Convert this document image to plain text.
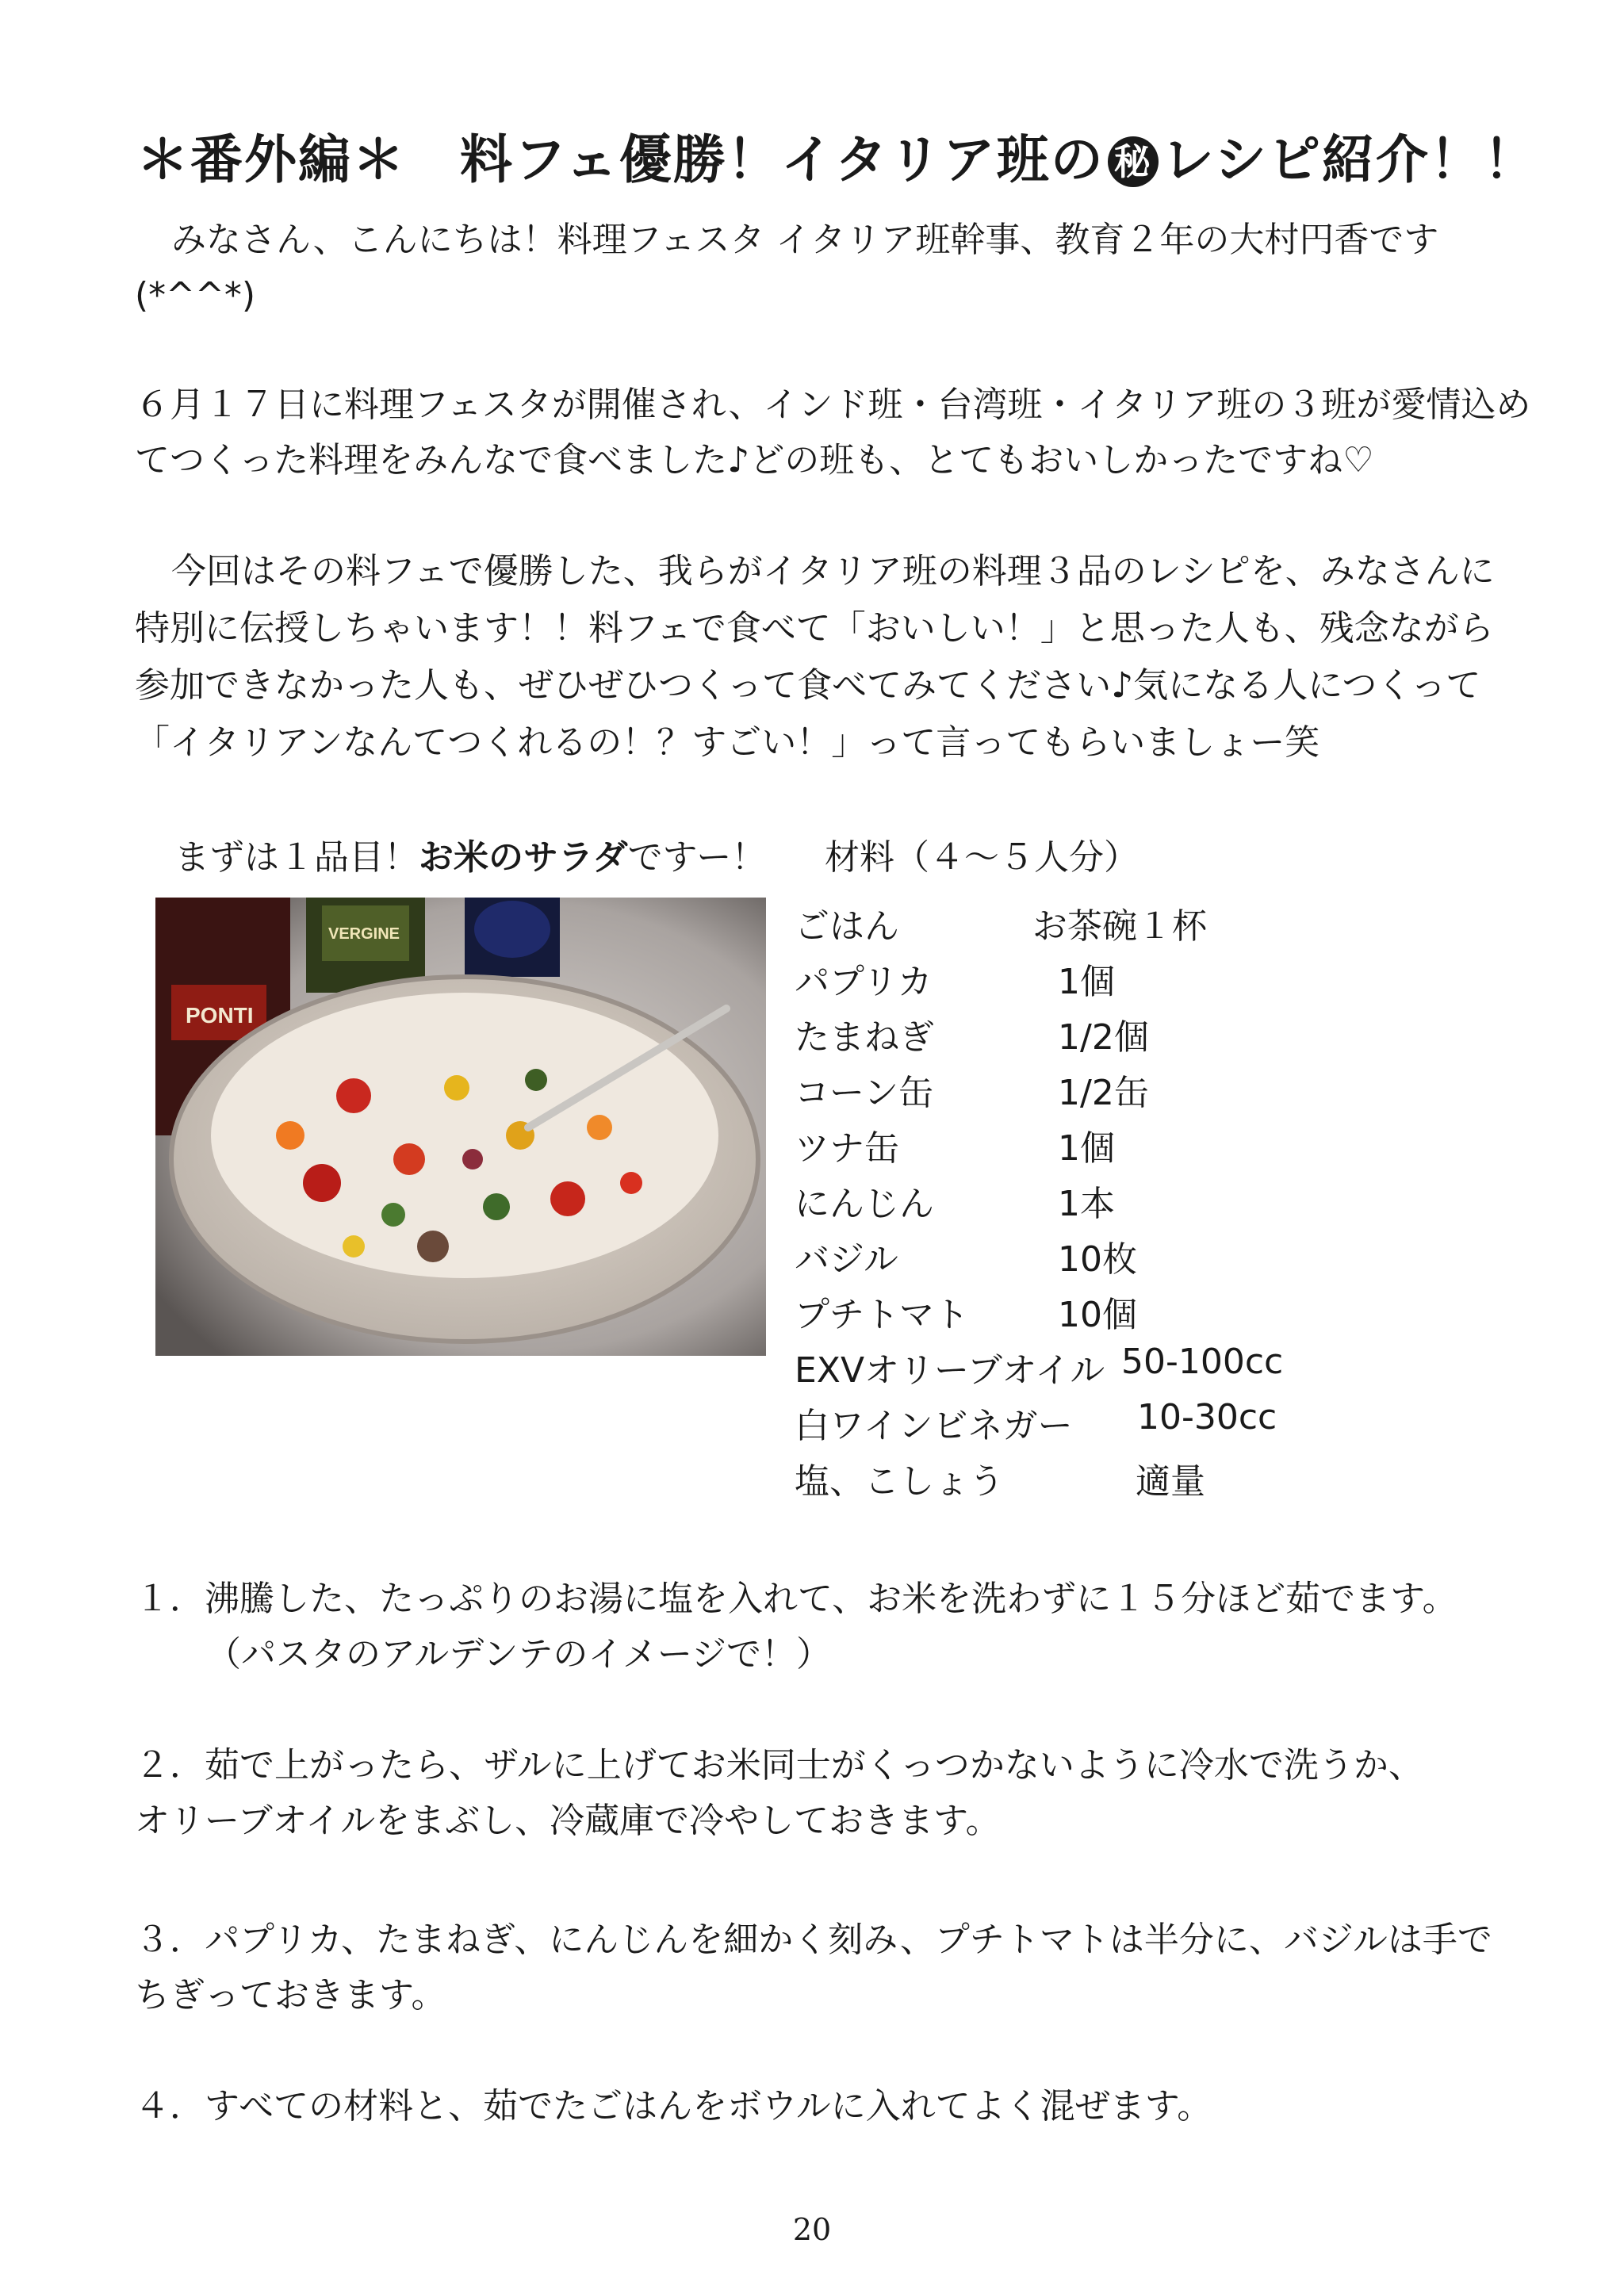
＊番外編＊　料フェ優勝！イタリア班の 秘 レシピ紹介！！
みなさん、こんにちは！料理フェスタ イタリア班幹事、教育２年の大村円香です
(*^^*)
６月１７日に料理フェスタが開催され、インド班・台湾班・イタリア班の３班が愛情込め
てつくった料理をみんなで食べました♪どの班も、とてもおいしかったですね♡
今回はその料フェで優勝した、我らがイタリア班の料理３品のレシピを、みなさんに
特別に伝授しちゃいます！！料フェで食べて「おいしい！」と思った人も、残念ながら
参加できなかった人も、ぜひぜひつくって食べてみてください♪気になる人につくって
「イタリアンなんてつくれるの！？すごい！」って言ってもらいましょー笑
まずは１品目！お米のサラダですー！
PONTI
VERGINE
材料（４～５人分）
ごはん	お茶碗１杯
パプリカ	1個
たまねぎ	1/2個
コーン缶	1/2缶
ツナ缶	1個
にんじん	1本
バジル	10枚
プチトマト	10個
EXVオリーブオイル 50-100cc
白ワインビネガー 10-30cc
塩、こしょう	適量
１．沸騰した、たっぷりのお湯に塩を入れて、お米を洗わずに１５分ほど茹でます。
（パスタのアルデンテのイメージで！）
２．茹で上がったら、ザルに上げてお米同士がくっつかないように冷水で洗うか、
オリーブオイルをまぶし、冷蔵庫で冷やしておきます。
３．パプリカ、たまねぎ、にんじんを細かく刻み、プチトマトは半分に、バジルは手で
ちぎっておきます。
４．すべての材料と、茹でたごはんをボウルに入れてよく混ぜます。
20
